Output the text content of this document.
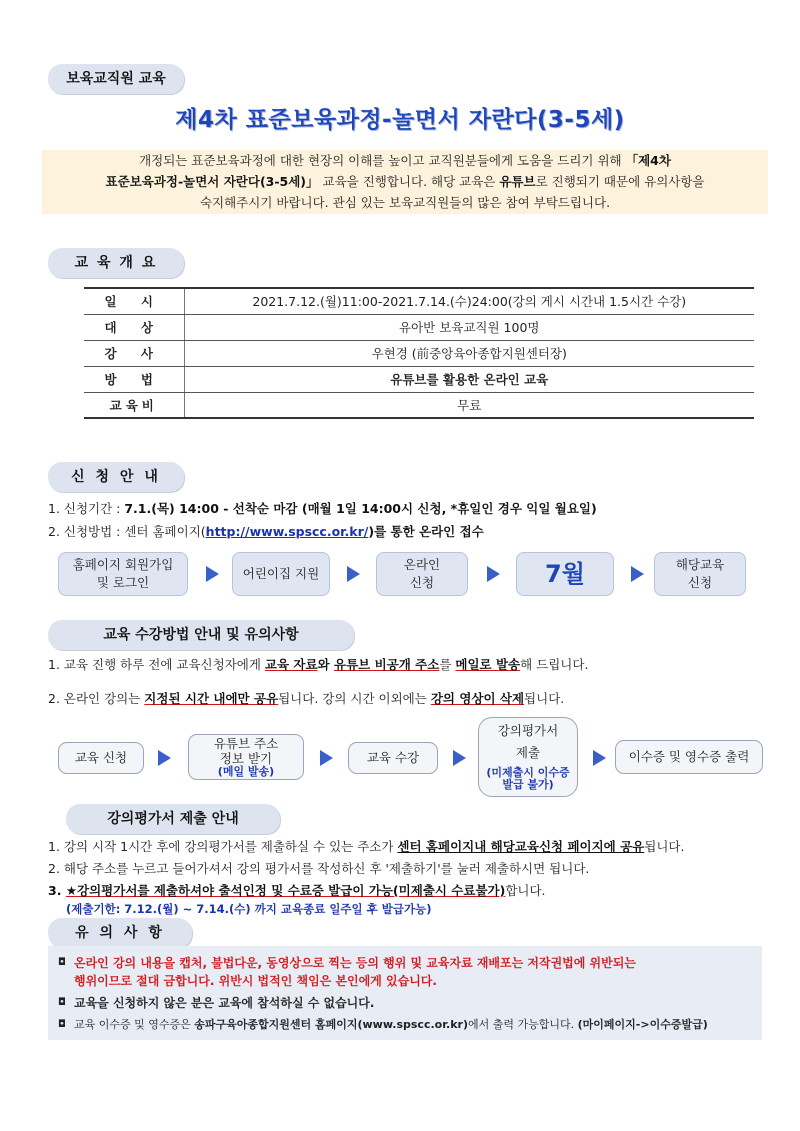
보육교직원 교육
제4차 표준보육과정-놀면서 자란다(3-5세)
개정되는 표준보육과정에 대한 현장의 이해를 높이고 교직원분들에게 도움을 드리기 위해 「제4차
표준보육과정-놀면서 자란다(3-5세)」 교육을 진행합니다. 해당 교육은 유튜브로 진행되기 때문에 유의사항을
숙지해주시기 바랍니다. 관심 있는 보육교직원들의 많은 참여 부탁드립니다.
교 육 개 요
일 시	2021.7.12.(월)11:00-2021.7.14.(수)24:00(강의 게시 시간내 1.5시간 수강)
대 상	유아반 보육교직원 100명
강 사	우현경 (前중앙육아종합지원센터장)
방 법	유튜브를 활용한 온라인 교육
교육비	무료
신 청 안 내
1. 신청기간 : 7.1.(목) 14:00 - 선착순 마감 (매월 1일 14:00시 신청, *휴일인 경우 익일 월요일)
2. 신청방법 : 센터 홈페이지(http://www.spscc.or.kr/)를 통한 온라인 접수
홈페이지 회원가입
및 로그인
어린이집 지원
온라인
신청	7월	해당교육
신청
교육 수강방법 안내 및 유의사항
1. 교육 진행 하루 전에 교육신청자에게 교육 자료와 유튜브 비공개 주소를 메일로 발송해 드립니다.
2. 온라인 강의는 지정된 시간 내에만 공유됩니다. 강의 시간 이외에는 강의 영상이 삭제됩니다.
교육 신청
유튜브 주소
정보 받기
(메일 발송)
교육 수강
강의평가서
제출
(미제출시 이수증 발급 불가)
이수증 및 영수증 출력
강의평가서 제출 안내
1. 강의 시작 1시간 후에 강의평가서를 제출하실 수 있는 주소가 센터 홈페이지내 해당교육신청 페이지에 공유됩니다.
2. 해당 주소를 누르고 들어가셔서 강의 평가서를 작성하신 후 '제출하기'를 눌러 제출하시면 됩니다.
3. ★강의평가서를 제출하셔야 출석인정 및 수료증 발급이 가능(미제출시 수료불가)합니다.
(제출기한: 7.12.(월) ~ 7.14.(수) 까지 교육종료 일주일 후 발급가능)
유 의 사 항
◘ 온라인 강의 내용을 캡처, 불법다운, 동영상으로 찍는 등의 행위 및 교육자료 재배포는 저작권법에 위반되는
행위이므로 절대 금합니다. 위반시 법적인 책임은 본인에게 있습니다.
◘ 교육을 신청하지 않은 분은 교육에 참석하실 수 없습니다.
◘ 교육 이수증 및 영수증은 송파구육아종합지원센터 홈페이지(www.spscc.or.kr)에서 출력 가능합니다. (마이페이지->이수증발급)
